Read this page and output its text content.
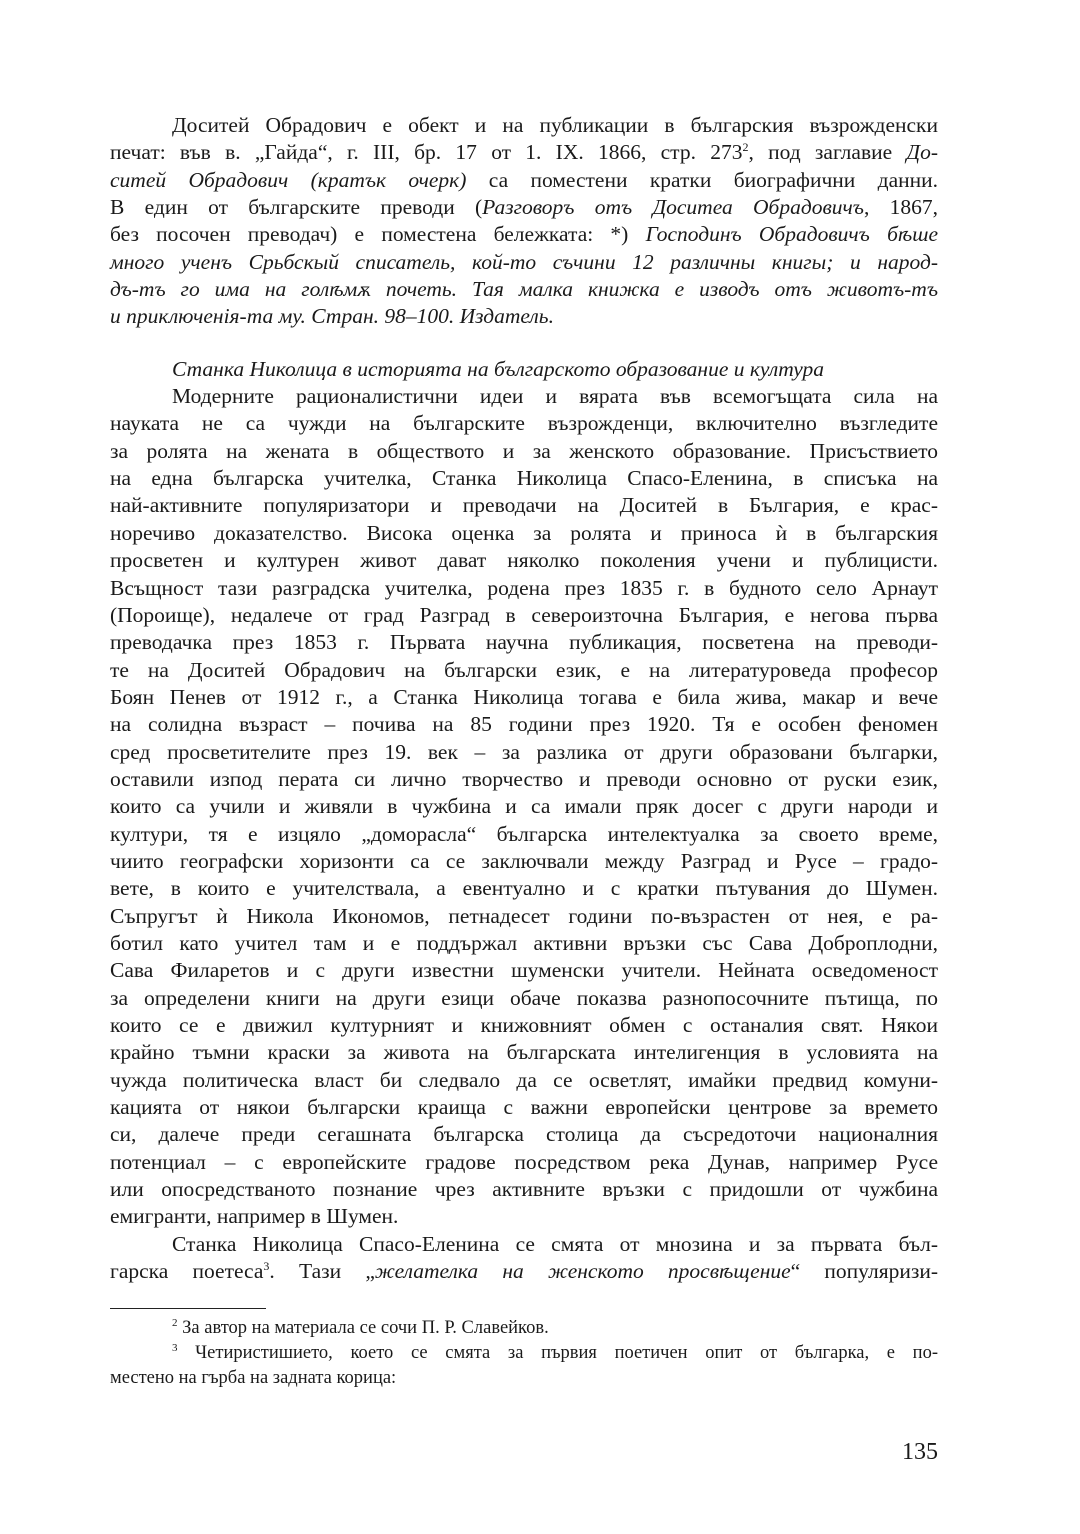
Доситей Обрадович е обект и на публикации в българския възрожденски
печат: във в. „Гайда“, г. III, бр. 17 от 1. IX. 1866, стр. $273^2$, под заглавие До-
ситей Обрадович (кратък очерк) са поместени кратки биографични данни.
В един от българските преводи (Разговоръ отъ Доситеа Обрадовичъ, 1867,
без посочен преводач) е поместена бележката: *) Господинъ Обрадовичъ бѣше
много ученъ Срьбскый списатель, кой-то съчини 12 различны книгы; и народ-
дъ-тъ го има на голѣмѫ почеть. Тая малка книжка е изводъ отъ животъ-тъ
и приключенія-та му. Стран. 98–100. Издатель.
Станка Николица в историята на българското образование и култура
Модерните рационалистични идеи и вярата във всемогъщата сила на
науката не са чужди на българските възрожденци, включително възгледите
за ролята на жената в обществото и за женското образование. Присъствието
на една българска учителка, Станка Николица Спасо-Еленина, в списъка на
най-активните популяризатори и преводачи на Доситей в България, е крас-
норечиво доказателство. Висока оценка за ролята и приноса ѝ в българския
просветен и културен живот дават няколко поколения учени и публицисти.
Всъщност тази разградска учителка, родена през 1835 г. в будното село Арнаут
(Пороище), недалече от град Разград в североизточна България, е негова първа
преводачка през 1853 г. Първата научна публикация, посветена на преводи-
те на Доситей Обрадович на български език, е на литературоведа професор
Боян Пенев от 1912 г., а Станка Николица тогава е била жива, макар и вече
на солидна възраст – почива на 85 години през 1920. Тя е особен феномен
сред просветителите през 19. век – за разлика от други образовани българки,
оставили изпод перата си лично творчество и преводи основно от руски език,
които са учили и живяли в чужбина и са имали пряк досег с други народи и
култури, тя е изцяло „доморасла“ българска интелектуалка за своето време,
чиито географски хоризонти са се заключвали между Разград и Русе – градо-
вете, в които е учителствала, а евентуално и с кратки пътувания до Шумен.
Съпругът ѝ Никола Икономов, петнадесет години по-възрастен от нея, е ра-
ботил като учител там и е поддържал активни връзки със Сава Доброплодни,
Сава Филаретов и с други известни шуменски учители. Нейната осведоменост
за определени книги на други езици обаче показва разнопосочните пътища, по
които се е движил културният и книжовният обмен с останалия свят. Някои
крайно тъмни краски за живота на българската интелигенция в условията на
чужда политическа власт би следвало да се осветлят, имайки предвид комуни-
кацията от някои български краища с важни европейски центрове за времето
си, далече преди сегашната българска столица да съсредоточи националния
потенциал – с европейските градове посредством река Дунав, например Русе
или опосредстваното познание чрез активните връзки с придошли от чужбина
емигранти, например в Шумен.
Станка Николица Спасо-Еленина се смята от мнозина и за първата бъл-
гарска поетеса$^3$. Тази „желателка на женското просвѣщение“ популяризи-

$^2$ За автор на материала се сочи П. Р. Славейков.

$^3$ Четиристишието, което се смята за първия поетичен опит от българка, е по-
местено на гърба на задната корица:

135
